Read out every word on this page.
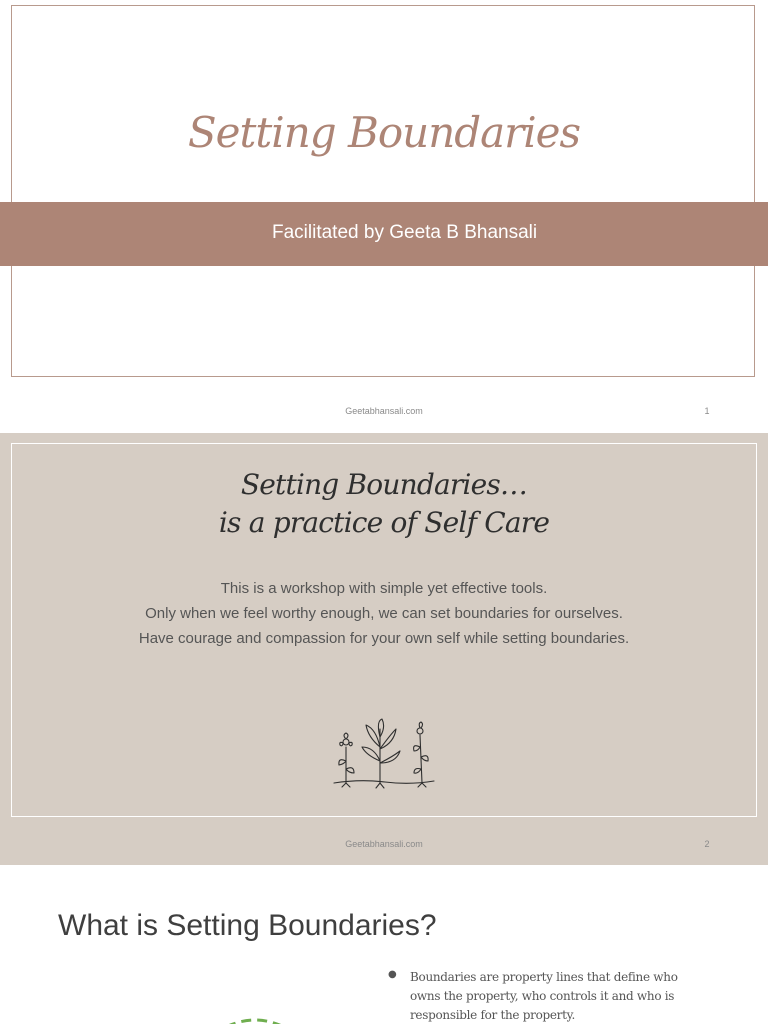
Setting Boundaries
Facilitated by Geeta B Bhansali
Geetabhansali.com	1
Setting Boundaries…
is a practice of Self Care
This is a workshop with simple yet effective tools.
Only when we feel worthy enough, we can set boundaries for ourselves.
Have courage and compassion for your own self while setting boundaries.
Geetabhansali.com	2
What is Setting Boundaries?
● Boundaries are property lines that define who
owns the property, who controls it and who is
responsible for the property.
